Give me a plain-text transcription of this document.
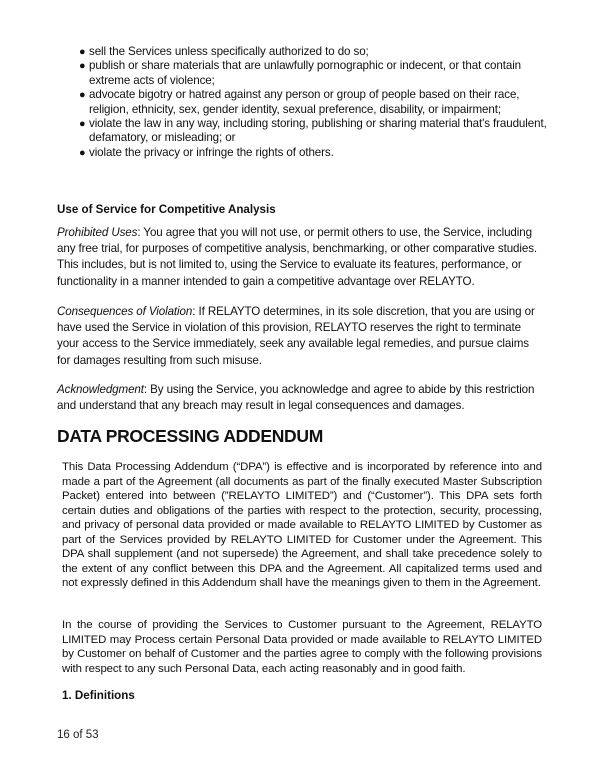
● sell the Services unless specifically authorized to do so;
● publish or share materials that are unlawfully pornographic or indecent, or that contain extreme acts of violence;
● advocate bigotry or hatred against any person or group of people based on their race, religion, ethnicity, sex, gender identity, sexual preference, disability, or impairment;
● violate the law in any way, including storing, publishing or sharing material that's fraudulent, defamatory, or misleading; or
● violate the privacy or infringe the rights of others.
Use of Service for Competitive Analysis

Prohibited Uses: You agree that you will not use, or permit others to use, the Service, including any free trial, for purposes of competitive analysis, benchmarking, or other comparative studies. This includes, but is not limited to, using the Service to evaluate its features, performance, or functionality in a manner intended to gain a competitive advantage over RELAYTO.

Consequences of Violation: If RELAYTO determines, in its sole discretion, that you are using or have used the Service in violation of this provision, RELAYTO reserves the right to terminate your access to the Service immediately, seek any available legal remedies, and pursue claims for damages resulting from such misuse.

Acknowledgment: By using the Service, you acknowledge and agree to abide by this restriction and understand that any breach may result in legal consequences and damages.

DATA PROCESSING ADDENDUM

This Data Processing Addendum (“DPA”) is effective and is incorporated by reference into and made a part of the Agreement (all documents as part of the finally executed Master Subscription Packet) entered into between (”RELAYTO LIMITED”) and (“Customer”). This DPA sets forth certain duties and obligations of the parties with respect to the protection, security, processing, and privacy of personal data provided or made available to RELAYTO LIMITED by Customer as part of the Services provided by RELAYTO LIMITED for Customer under the Agreement. This DPA shall supplement (and not supersede) the Agreement, and shall take precedence solely to the extent of any conflict between this DPA and the Agreement. All capitalized terms used and not expressly defined in this Addendum shall have the meanings given to them in the Agreement.

In the course of providing the Services to Customer pursuant to the Agreement, RELAYTO LIMITED may Process certain Personal Data provided or made available to RELAYTO LIMITED by Customer on behalf of Customer and the parties agree to comply with the following provisions with respect to any such Personal Data, each acting reasonably and in good faith.

1. Definitions
16 of 53
